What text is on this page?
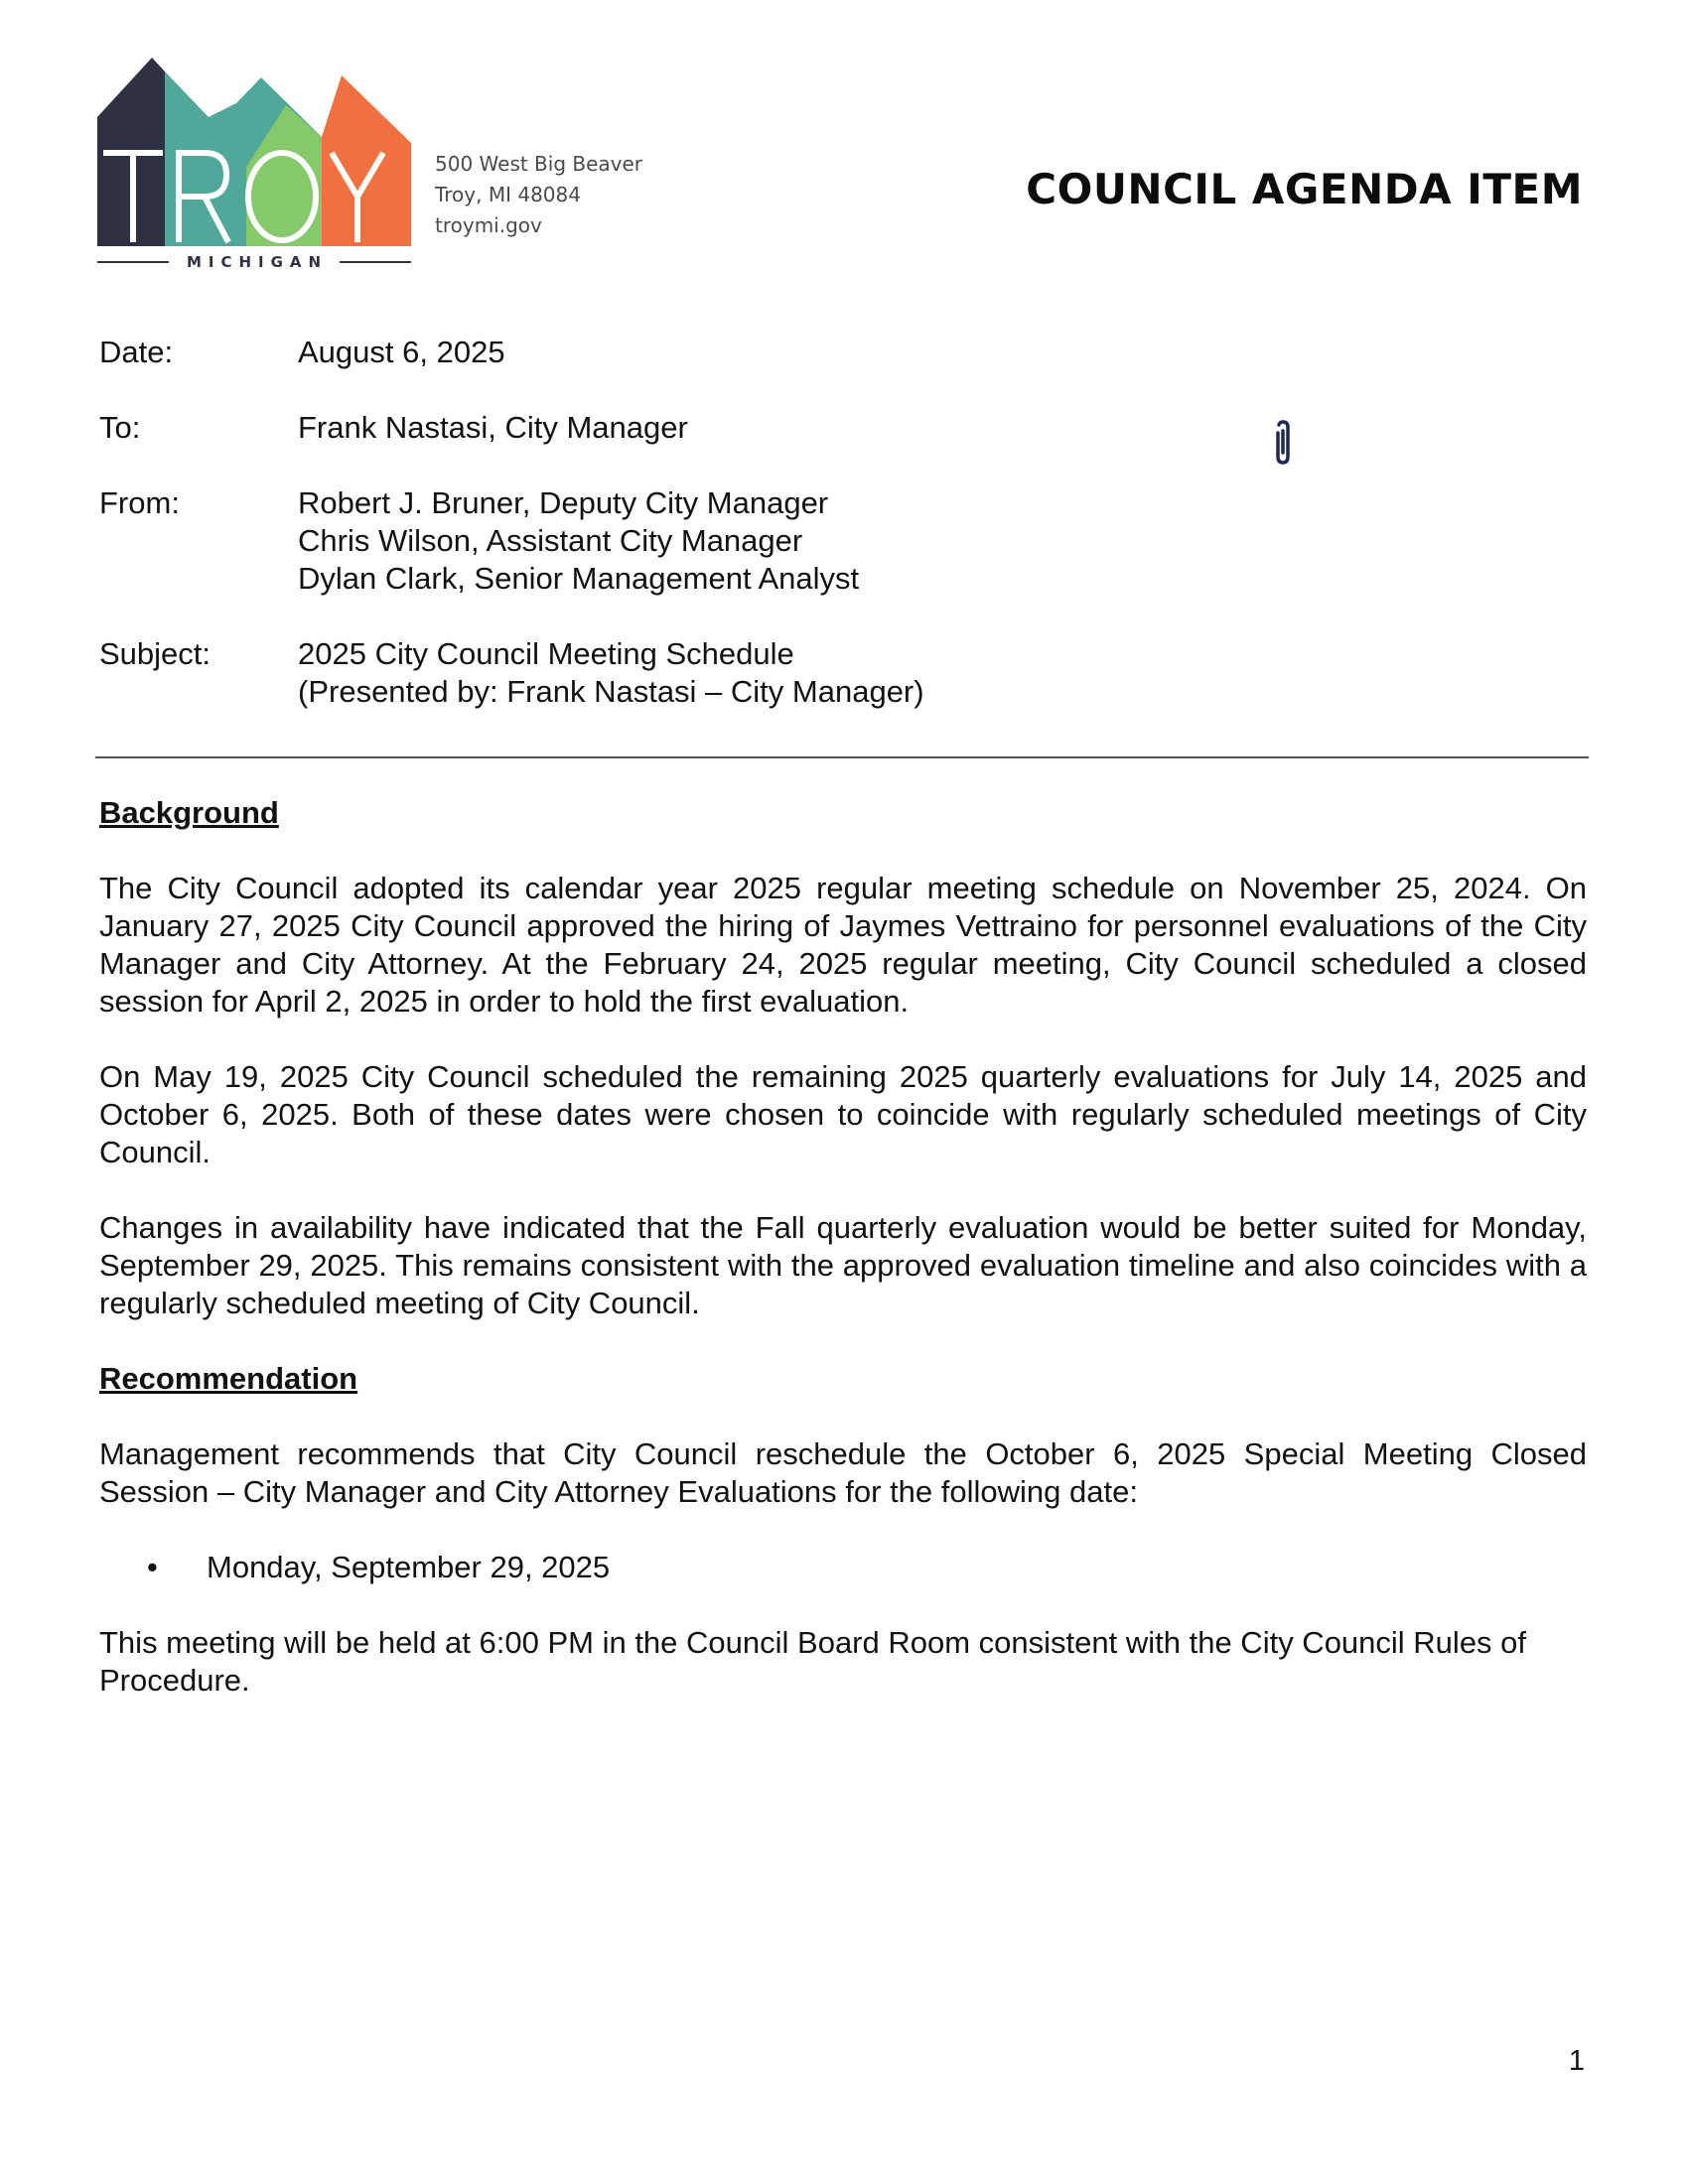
MICHIGAN
500 West Big Beaver
Troy, MI 48084
troymi.gov
COUNCIL AGENDA ITEM
Date:	August 6, 2025
To:	Frank Nastasi, City Manager
From:	Robert J. Bruner, Deputy City Manager
Chris Wilson, Assistant City Manager
Dylan Clark, Senior Management Analyst
Subject:	2025 City Council Meeting Schedule
(Presented by: Frank Nastasi – City Manager)
Background

The City Council adopted its calendar year 2025 regular meeting schedule on November 25, 2024. On January 27, 2025 City Council approved the hiring of Jaymes Vettraino for personnel evaluations of the City Manager and City Attorney. At the February 24, 2025 regular meeting, City Council scheduled a closed session for April 2, 2025 in order to hold the first evaluation.

On May 19, 2025 City Council scheduled the remaining 2025 quarterly evaluations for July 14, 2025 and October 6, 2025. Both of these dates were chosen to coincide with regularly scheduled meetings of City Council.

Changes in availability have indicated that the Fall quarterly evaluation would be better suited for Monday, September 29, 2025. This remains consistent with the approved evaluation timeline and also coincides with a regularly scheduled meeting of City Council.

Recommendation

Management recommends that City Council reschedule the October 6, 2025 Special Meeting Closed Session – City Manager and City Attorney Evaluations for the following date:

•	Monday, September 29, 2025

This meeting will be held at 6:00 PM in the Council Board Room consistent with the City Council Rules of Procedure.

1
